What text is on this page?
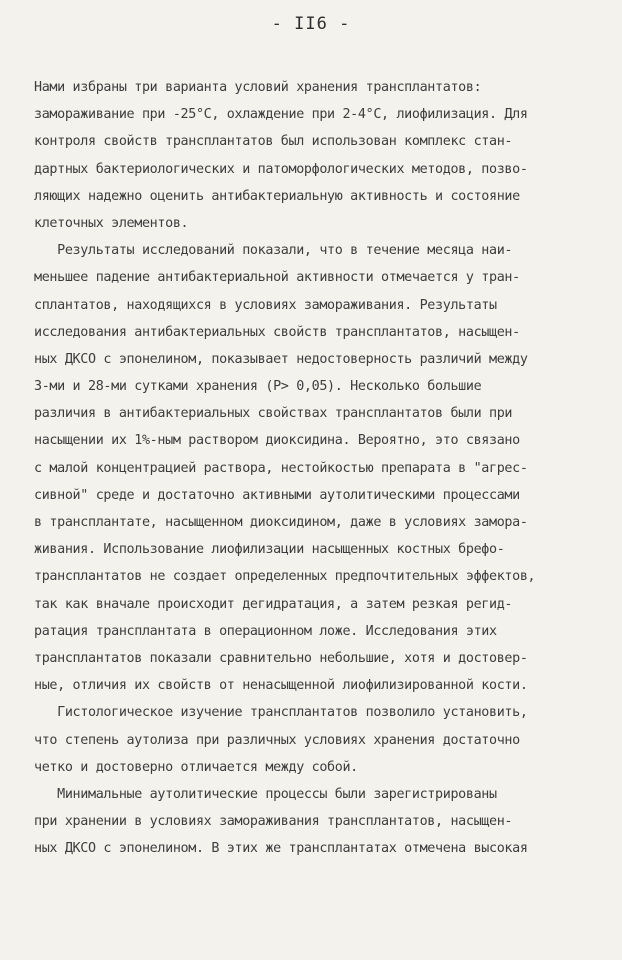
- II6 -
Нами избраны три варианта условий хранения трансплантатов:
замораживание при -25°С, охлаждение при 2-4°С, лиофилизация. Для
контроля свойств трансплантатов был использован комплекс стан-
дартных бактериологических и патоморфологических методов, позво-
ляющих надежно оценить антибактериальную активность и состояние
клеточных элементов.
Результаты исследований показали, что в течение месяца наи-
меньшее падение антибактериальной активности отмечается у тран-
сплантатов, находящихся в условиях замораживания. Результаты
исследования антибактериальных свойств трансплантатов, насыщен-
ных ДКСО с эпонелином, показывает недостоверность различий между
3-ми и 28-ми сутками хранения (Р> 0,05). Несколько большие
различия в антибактериальных свойствах трансплантатов были при
насыщении их 1%-ным раствором диоксидина. Вероятно, это связано
с малой концентрацией раствора, нестойкостью препарата в "агрес-
сивной" среде и достаточно активными аутолитическими процессами
в трансплантате, насыщенном диоксидином, даже в условиях замора-
живания. Использование лиофилизации насыщенных костных брефо-
трансплантатов не создает определенных предпочтительных эффектов,
так как вначале происходит дегидратация, а затем резкая регид-
ратация трансплантата в операционном ложе. Исследования этих
трансплантатов показали сравнительно небольшие, хотя и достовер-
ные, отличия их свойств от ненасыщенной лиофилизированной кости.
Гистологическое изучение трансплантатов позволило установить,
что степень аутолиза при различных условиях хранения достаточно
четко и достоверно отличается между собой.
Минимальные аутолитические процессы были зарегистрированы
при хранении в условиях замораживания трансплантатов, насыщен-
ных ДКСО с эпонелином. В этих же трансплантатах отмечена высокая
